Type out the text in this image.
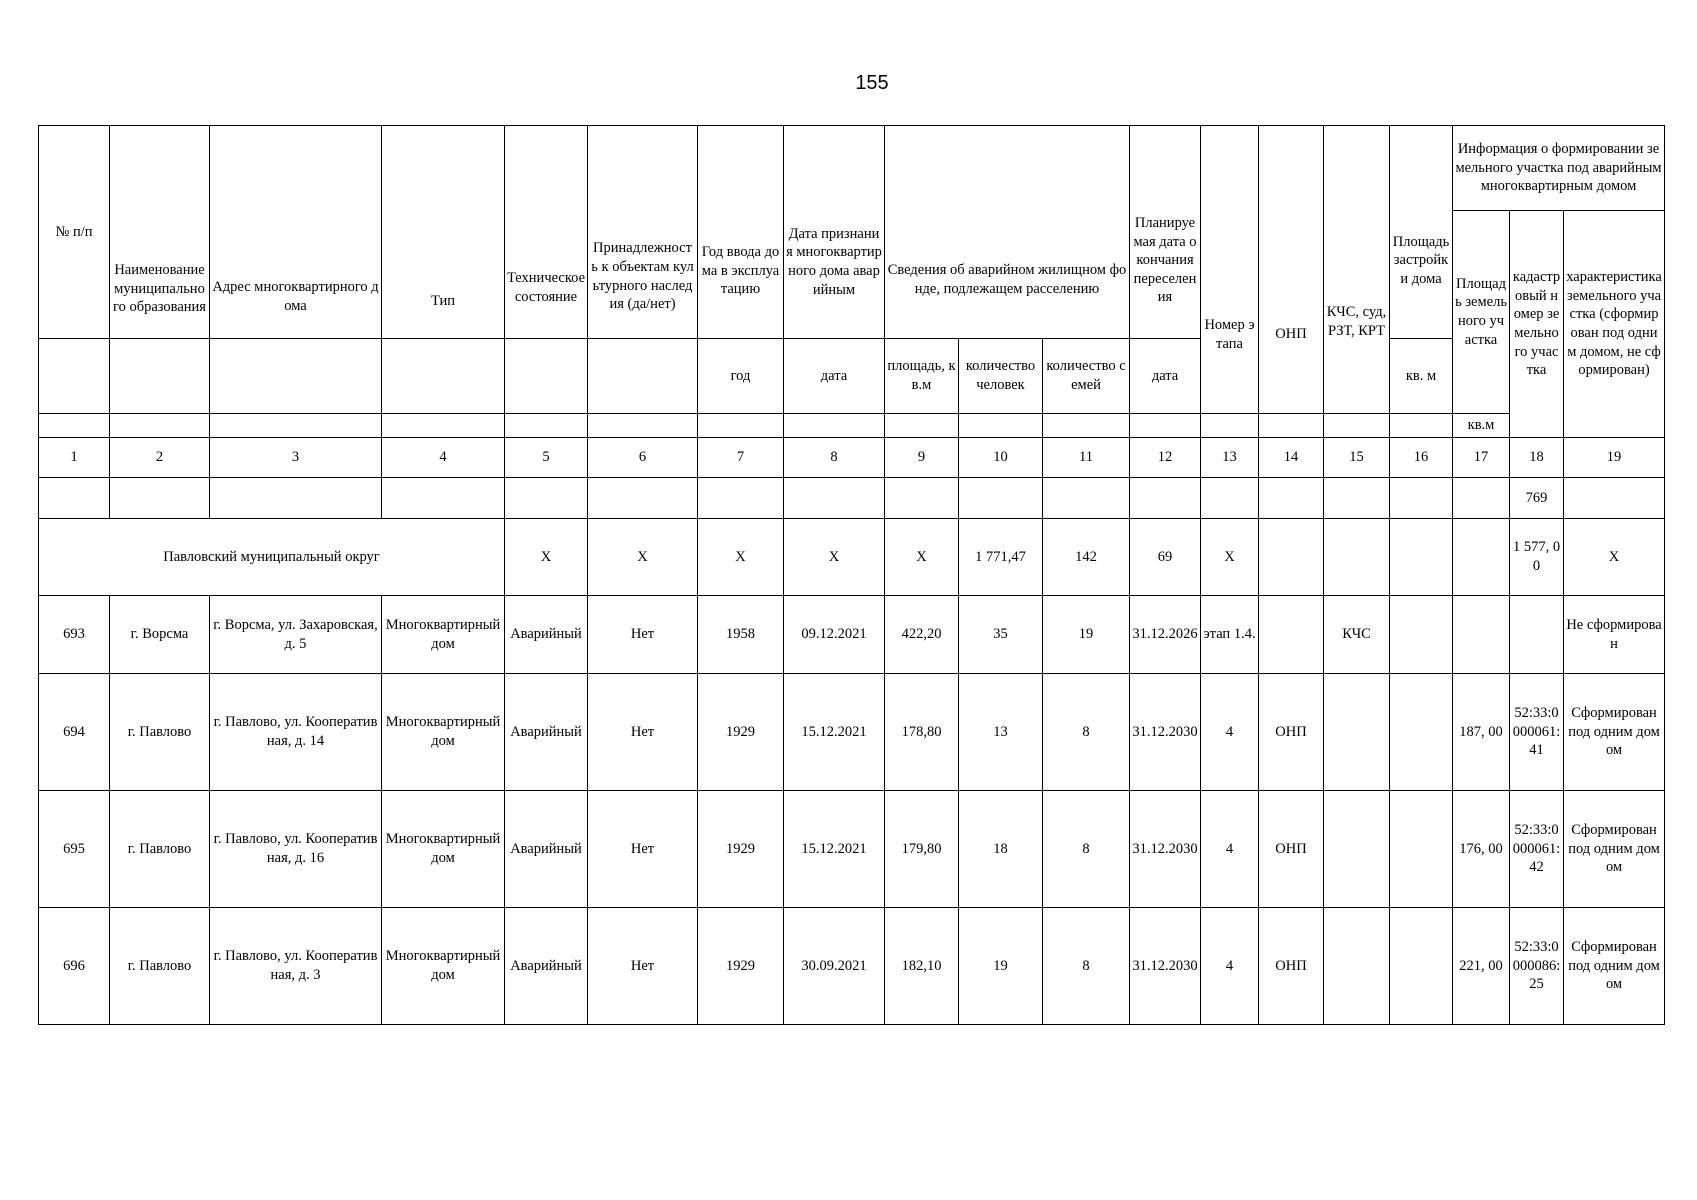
155
№ п/п	Наименование муниципального образования	Адрес многоквартирного дома	Тип	Техническое состояние	Принадлежность к объектам культурного наследия (да/нет)	Год ввода дома в эксплуатацию	Дата признания многоквартирного дома аварийным	Сведения об аварийном жилищном фонде, подлежащем расселению			Планируемая дата окончания переселения	Номер этапа	ОНП	КЧС, суд, РЗТ, КРТ	Площадь застройки дома	Информация о формировании земельного участка под аварийным многоквартирным домом			
																Площадь земельного участка	кадастровый номер земельного участка	характеристика земельного участка (сформирован под одним домом, не сформирован)	
						год	дата	площадь, кв.м	количество человек	количество семей	дата				кв. м				
																кв.м			
1	2	3	4	5	6	7	8	9	10	11	12	13	14	15	16	17	18	19	
																	769		
Павловский муниципальный округ				X	X	X	X	X	1 771,47	142	69	X					1 577, 00	X	
693	г. Ворсма	г. Ворсма, ул. Захаровская, д. 5	Многоквартирный дом	Аварийный	Нет	1958	09.12.2021	422,20	35	19	31.12.2026	этап 1.4.		КЧС				Не сформирован	
694	г. Павлово	г. Павлово, ул. Кооперативная, д. 14	Многоквартирный дом	Аварийный	Нет	1929	15.12.2021	178,80	13	8	31.12.2030	4	ОНП			187, 00	52:33:0000061:41	Сформирован под одним домом	
695	г. Павлово	г. Павлово, ул. Кооперативная, д. 16	Многоквартирный дом	Аварийный	Нет	1929	15.12.2021	179,80	18	8	31.12.2030	4	ОНП			176, 00	52:33:0000061:42	Сформирован под одним домом	
696	г. Павлово	г. Павлово, ул. Кооперативная, д. 3	Многоквартирный дом	Аварийный	Нет	1929	30.09.2021	182,10	19	8	31.12.2030	4	ОНП			221, 00	52:33:0000086:25	Сформирован под одним домом	
